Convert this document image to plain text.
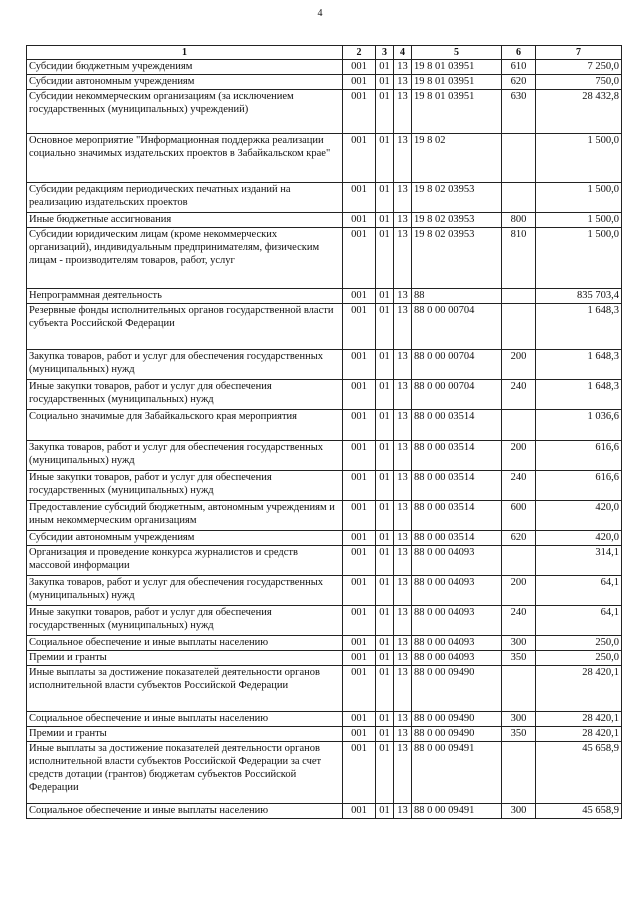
4
1	2	3	4	5	6	7
Субсидии бюджетным учреждениям	001	01	13	19 8 01 03951	610	7 250,0
Субсидии автономным учреждениям	001	01	13	19 8 01 03951	620	750,0
Субсидии некоммерческим организациям (за исключением государственных (муниципальных) учреждений)	001	01	13	19 8 01 03951	630	28 432,8
Основное мероприятие "Информационная поддержка реализации социально значимых издательских проектов в Забайкальском крае"	001	01	13	19 8 02		1 500,0
Субсидии редакциям периодических печатных изданий на реализацию издательских проектов	001	01	13	19 8 02 03953		1 500,0
Иные бюджетные ассигнования	001	01	13	19 8 02 03953	800	1 500,0
Субсидии юридическим лицам (кроме некоммерческих организаций), индивидуальным предпринимателям, физическим лицам - производителям товаров, работ, услуг	001	01	13	19 8 02 03953	810	1 500,0
Непрограммная деятельность	001	01	13	88		835 703,4
Резервные фонды исполнительных органов государственной власти субъекта Российской Федерации	001	01	13	88 0 00 00704		1 648,3
Закупка товаров, работ и услуг для обеспечения государственных (муниципальных) нужд	001	01	13	88 0 00 00704	200	1 648,3
Иные закупки товаров, работ и услуг для обеспечения государственных (муниципальных) нужд	001	01	13	88 0 00 00704	240	1 648,3
Социально значимые для Забайкальского края мероприятия	001	01	13	88 0 00 03514		1 036,6
Закупка товаров, работ и услуг для обеспечения государственных (муниципальных) нужд	001	01	13	88 0 00 03514	200	616,6
Иные закупки товаров, работ и услуг для обеспечения государственных (муниципальных) нужд	001	01	13	88 0 00 03514	240	616,6
Предоставление субсидий бюджетным, автономным учреждениям и иным некоммерческим организациям	001	01	13	88 0 00 03514	600	420,0
Субсидии автономным учреждениям	001	01	13	88 0 00 03514	620	420,0
Организация и проведение конкурса журналистов и средств массовой информации	001	01	13	88 0 00 04093		314,1
Закупка товаров, работ и услуг для обеспечения государственных (муниципальных) нужд	001	01	13	88 0 00 04093	200	64,1
Иные закупки товаров, работ и услуг для обеспечения государственных (муниципальных) нужд	001	01	13	88 0 00 04093	240	64,1
Социальное обеспечение и иные выплаты населению	001	01	13	88 0 00 04093	300	250,0
Премии и гранты	001	01	13	88 0 00 04093	350	250,0
Иные выплаты за достижение показателей деятельности органов исполнительной власти субъектов Российской Федерации	001	01	13	88 0 00 09490		28 420,1
Социальное обеспечение и иные выплаты населению	001	01	13	88 0 00 09490	300	28 420,1
Премии и гранты	001	01	13	88 0 00 09490	350	28 420,1
Иные выплаты за достижение показателей деятельности органов исполнительной власти субъектов Российской Федерации за счет средств дотации (грантов) бюджетам субъектов Российской Федерации	001	01	13	88 0 00 09491		45 658,9
Социальное обеспечение и иные выплаты населению	001	01	13	88 0 00 09491	300	45 658,9
